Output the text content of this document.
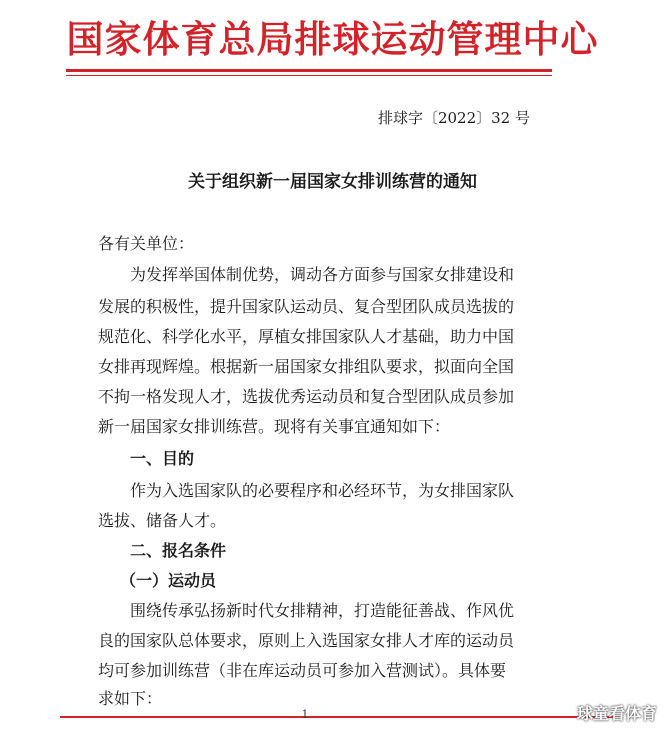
国家体育总局排球运动管理中心
排球字〔2022〕32 号
关于组织新一届国家女排训练营的通知
各有关单位：
为发挥举国体制优势，调动各方面参与国家女排建设和
发展的积极性，提升国家队运动员、复合型团队成员选拔的
规范化、科学化水平，厚植女排国家队人才基础，助力中国
女排再现辉煌。根据新一届国家女排组队要求，拟面向全国
不拘一格发现人才，选拔优秀运动员和复合型团队成员参加
新一届国家女排训练营。现将有关事宜通知如下：
一、目的
作为入选国家队的必要程序和必经环节，为女排国家队
选拔、储备人才。
二、报名条件
（一）运动员
围绕传承弘扬新时代女排精神，打造能征善战、作风优
良的国家队总体要求，原则上入选国家女排人才库的运动员
均可参加训练营（非在库运动员可参加入营测试）。具体要
求如下：
1	球童看体育
